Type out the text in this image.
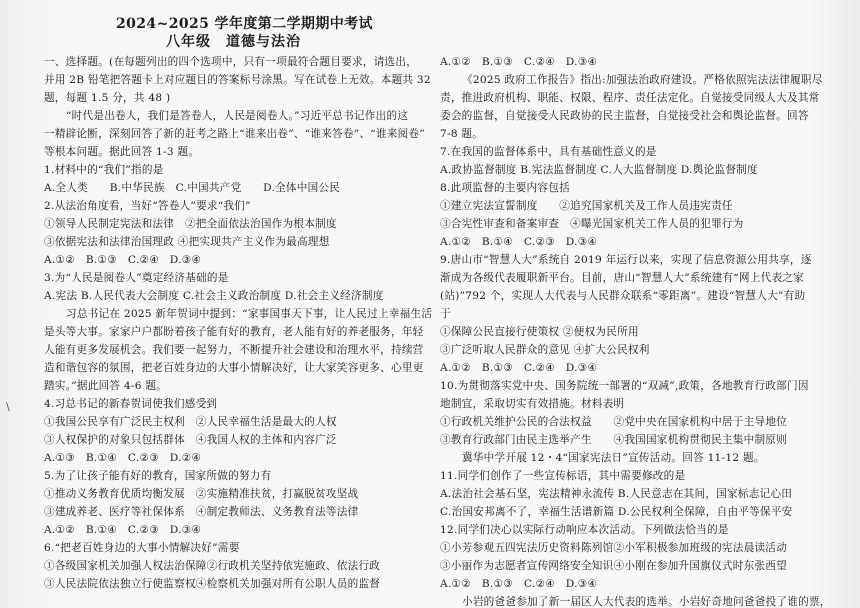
2024~2025 学年度第二学期期中考试
八年级　道德与法治
一、选择题。(在每题列出的四个选项中，只有一项最符合题目要求，请选出，
并用 2B 铅笔把答题卡上对应题目的答案标号涂黑。写在试卷上无效。本题共 32
题，每题 1.5 分，共 48 )
“时代是出卷人，我们是答卷人，人民是阅卷人。”习近平总书记作出的这
一精辟论断，深刻回答了新的赶考之路上“谁来出卷”、“谁来答卷”、“谁来阅卷”
等根本问题。据此回答 1-3 题。
1.材料中的“我们”指的是
A.全人类　　B.中华民族　C.中国共产党　　D.全体中国公民
2.从法治角度看，当好“答卷人”要求“我们”
①领导人民制定宪法和法律　②把全面依法治国作为根本制度
③依据宪法和法律治国理政 ④把实现共产主义作为最高理想
A.①②　B.①③　C.②④　D.③④
3.为“人民是阅卷人”奠定经济基础的是
A.宪法 B.人民代表大会制度 C.社会主义政治制度 D.社会主义经济制度
习总书记在 2025 新年贺词中提到：“家事国事天下事，让人民过上幸福生活
是头等大事。家家户户都盼着孩子能有好的教育，老人能有好的养老服务，年轻
人能有更多发展机会。我们要一起努力，不断提升社会建设和治理水平，持续营
造和谐包容的氛围，把老百姓身边的大事小情解决好，让大家笑容更多、心里更
踏实。”据此回答 4-6 题。
4.习总书记的新春贺词使我们感受到
①我国公民享有广泛民主权利　②人民幸福生活是最大的人权
③人权保护的对象只包括群体　④我国人权的主体和内容广泛
A.①③　B.①④　C.②③　D.②④
5.为了让孩子能有好的教育，国家所做的努力有
①推动义务教育优质均衡发展　②实施精准扶贫，打赢脱贫攻坚战
③建成养老、医疗等社保体系　④制定教师法、义务教育法等法律
A.①②　B.①④　C.②③　D.③④
6.“把老百姓身边的大事小情解决好”需要
①各级国家机关加强人权法治保障②行政机关坚持依宪施政、依法行政
③人民法院依法独立行使监察权④检察机关加强对所有公职人员的监督
A.①②　B.①③　C.②④　D.③④
《2025 政府工作报告》指出:加强法治政府建设。严格依照宪法法律履职尽
责，推进政府机构、职能、权限、程序、责任法定化。自觉接受同级人大及其常
委会的监督，自觉接受人民政协的民主监督，自觉接受社会和舆论监督。回答
7-8 题。
7.在我国的监督体系中，具有基础性意义的是
A.政协监督制度 B.宪法监督制度 C.人大监督制度 D.舆论监督制度
8.此项监督的主要内容包括
①建立宪法宣誓制度　　②追究国家机关及工作人员违宪责任
③合宪性审查和备案审查　④曝光国家机关工作人员的犯罪行为
A.①②　B.①④　C.②③　D.③④
9.唐山市“智慧人大”系统自 2019 年运行以来，实现了信息资源公用共享，逐
渐成为各级代表履职新平台。目前，唐山“智慧人大”系统建有“网上代表之家
(站)”792 个，实现人大代表与人民群众联系“零距离”。建设“智慧人大”有助
于
①保障公民直接行使策权 ②便权为民所用
③广泛听取人民群众的意见 ④扩大公民权利
A.①②　B.①③　C.②④　D.③④
10.为贯彻落实党中央、国务院统一部署的“双减”,政策，各地教育行政部门因
地制宜，采取切实有效措施。材料表明
①行政机关维护公民的合法权益　　②党中央在国家机构中居于主导地位
③教育行政部门由民主选举产生　　④我国国家机构贯彻民主集中制原则
冀华中学开展 12・4“国家宪法日”宣传活动。回答 11-12 题。
11.同学们创作了一些宣传标语，其中需要修改的是
A.法治社会基石坚，宪法精神永流传 B.人民意志在其间，国家标志记心田
C.治国安邦离不了，幸福生活谱新篇 D.公民权利全保障，自由平等保平安
12.同学们决心以实际行动响应本次活动。下列做法恰当的是
①小芳参观五四宪法历史资料陈列馆②小军积极参加班级的宪法晨读活动
③小丽作为志愿者宣传网络安全知识④小刚在参加升国旗仪式时东张西望
A.①②　B.①③　C.②④　D.③④
小岩的爸爸参加了新一届区人大代表的选举。小岩好奇地问爸爸投了谁的票，
\
